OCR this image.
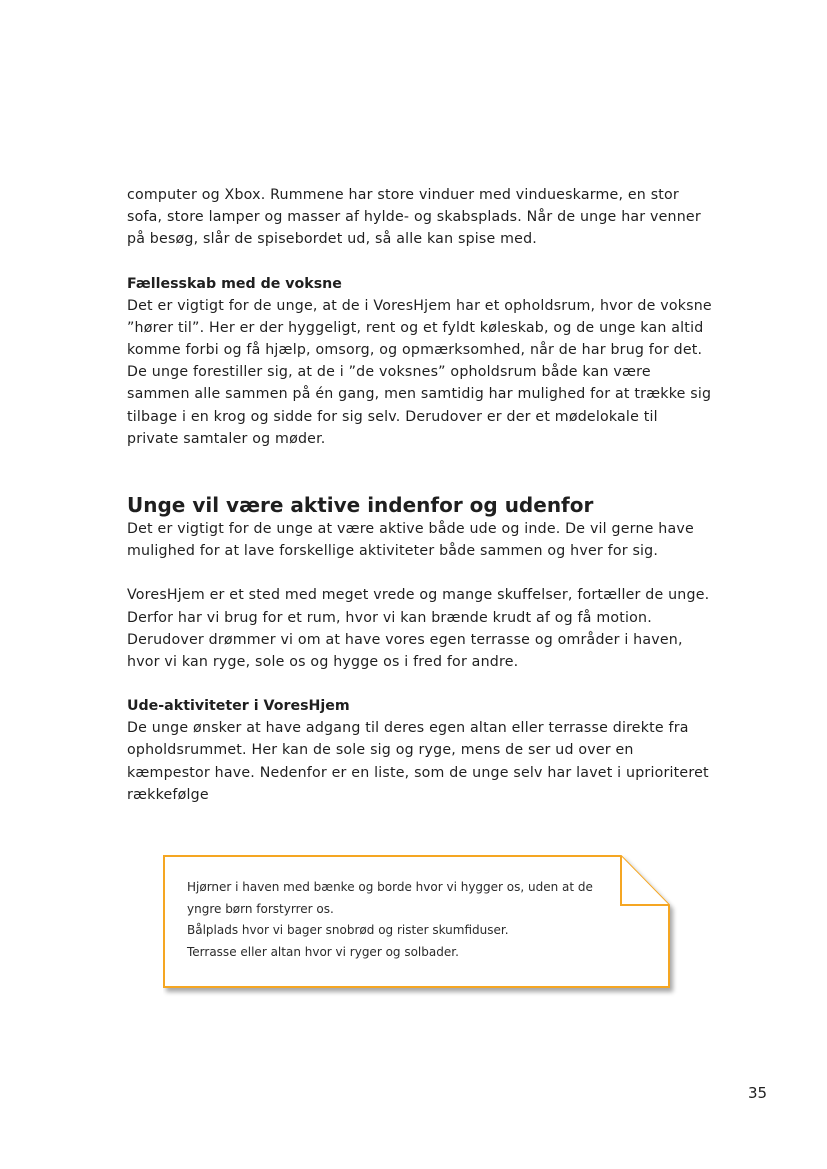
computer og Xbox. Rummene har store vinduer med vindueskarme, en stor sofa, store lamper og masser af hylde- og skabsplads. Når de unge har venner på besøg, slår de spisebordet ud, så alle kan spise med.

Fællesskab med de voksne

Det er vigtigt for de unge, at de i VoresHjem har et opholdsrum, hvor de voksne ”hører til”. Her er der hyggeligt, rent og et fyldt køleskab, og de unge kan altid komme forbi og få hjælp, omsorg, og opmærksomhed, når de har brug for det. De unge forestiller sig, at de i ”de voksnes” opholdsrum både kan være sammen alle sammen på én gang, men samtidig har mulighed for at trække sig tilbage i en krog og sidde for sig selv. Derudover er der et mødelokale til private samtaler og møder.

Unge vil være aktive indenfor og udenfor

Det er vigtigt for de unge at være aktive både ude og inde. De vil gerne have mulighed for at lave forskellige aktiviteter både sammen og hver for sig.

VoresHjem er et sted med meget vrede og mange skuffelser, fortæller de unge. Derfor har vi brug for et rum, hvor vi kan brænde krudt af og få motion. Derudover drømmer vi om at have vores egen terrasse og områder i haven, hvor vi kan ryge, sole os og hygge os i fred for andre.

Ude-aktiviteter i VoresHjem

De unge ønsker at have adgang til deres egen altan eller terrasse direkte fra opholdsrummet. Her kan de sole sig og ryge, mens de ser ud over en kæmpestor have. Nedenfor er en liste, som de unge selv har lavet i uprioriteret rækkefølge

Hjørner i haven med bænke og borde hvor vi hygger os, uden at de yngre børn forstyrrer os.
Bålplads hvor vi bager snobrød og rister skumfiduser.
Terrasse eller altan hvor vi ryger og solbader.
35
